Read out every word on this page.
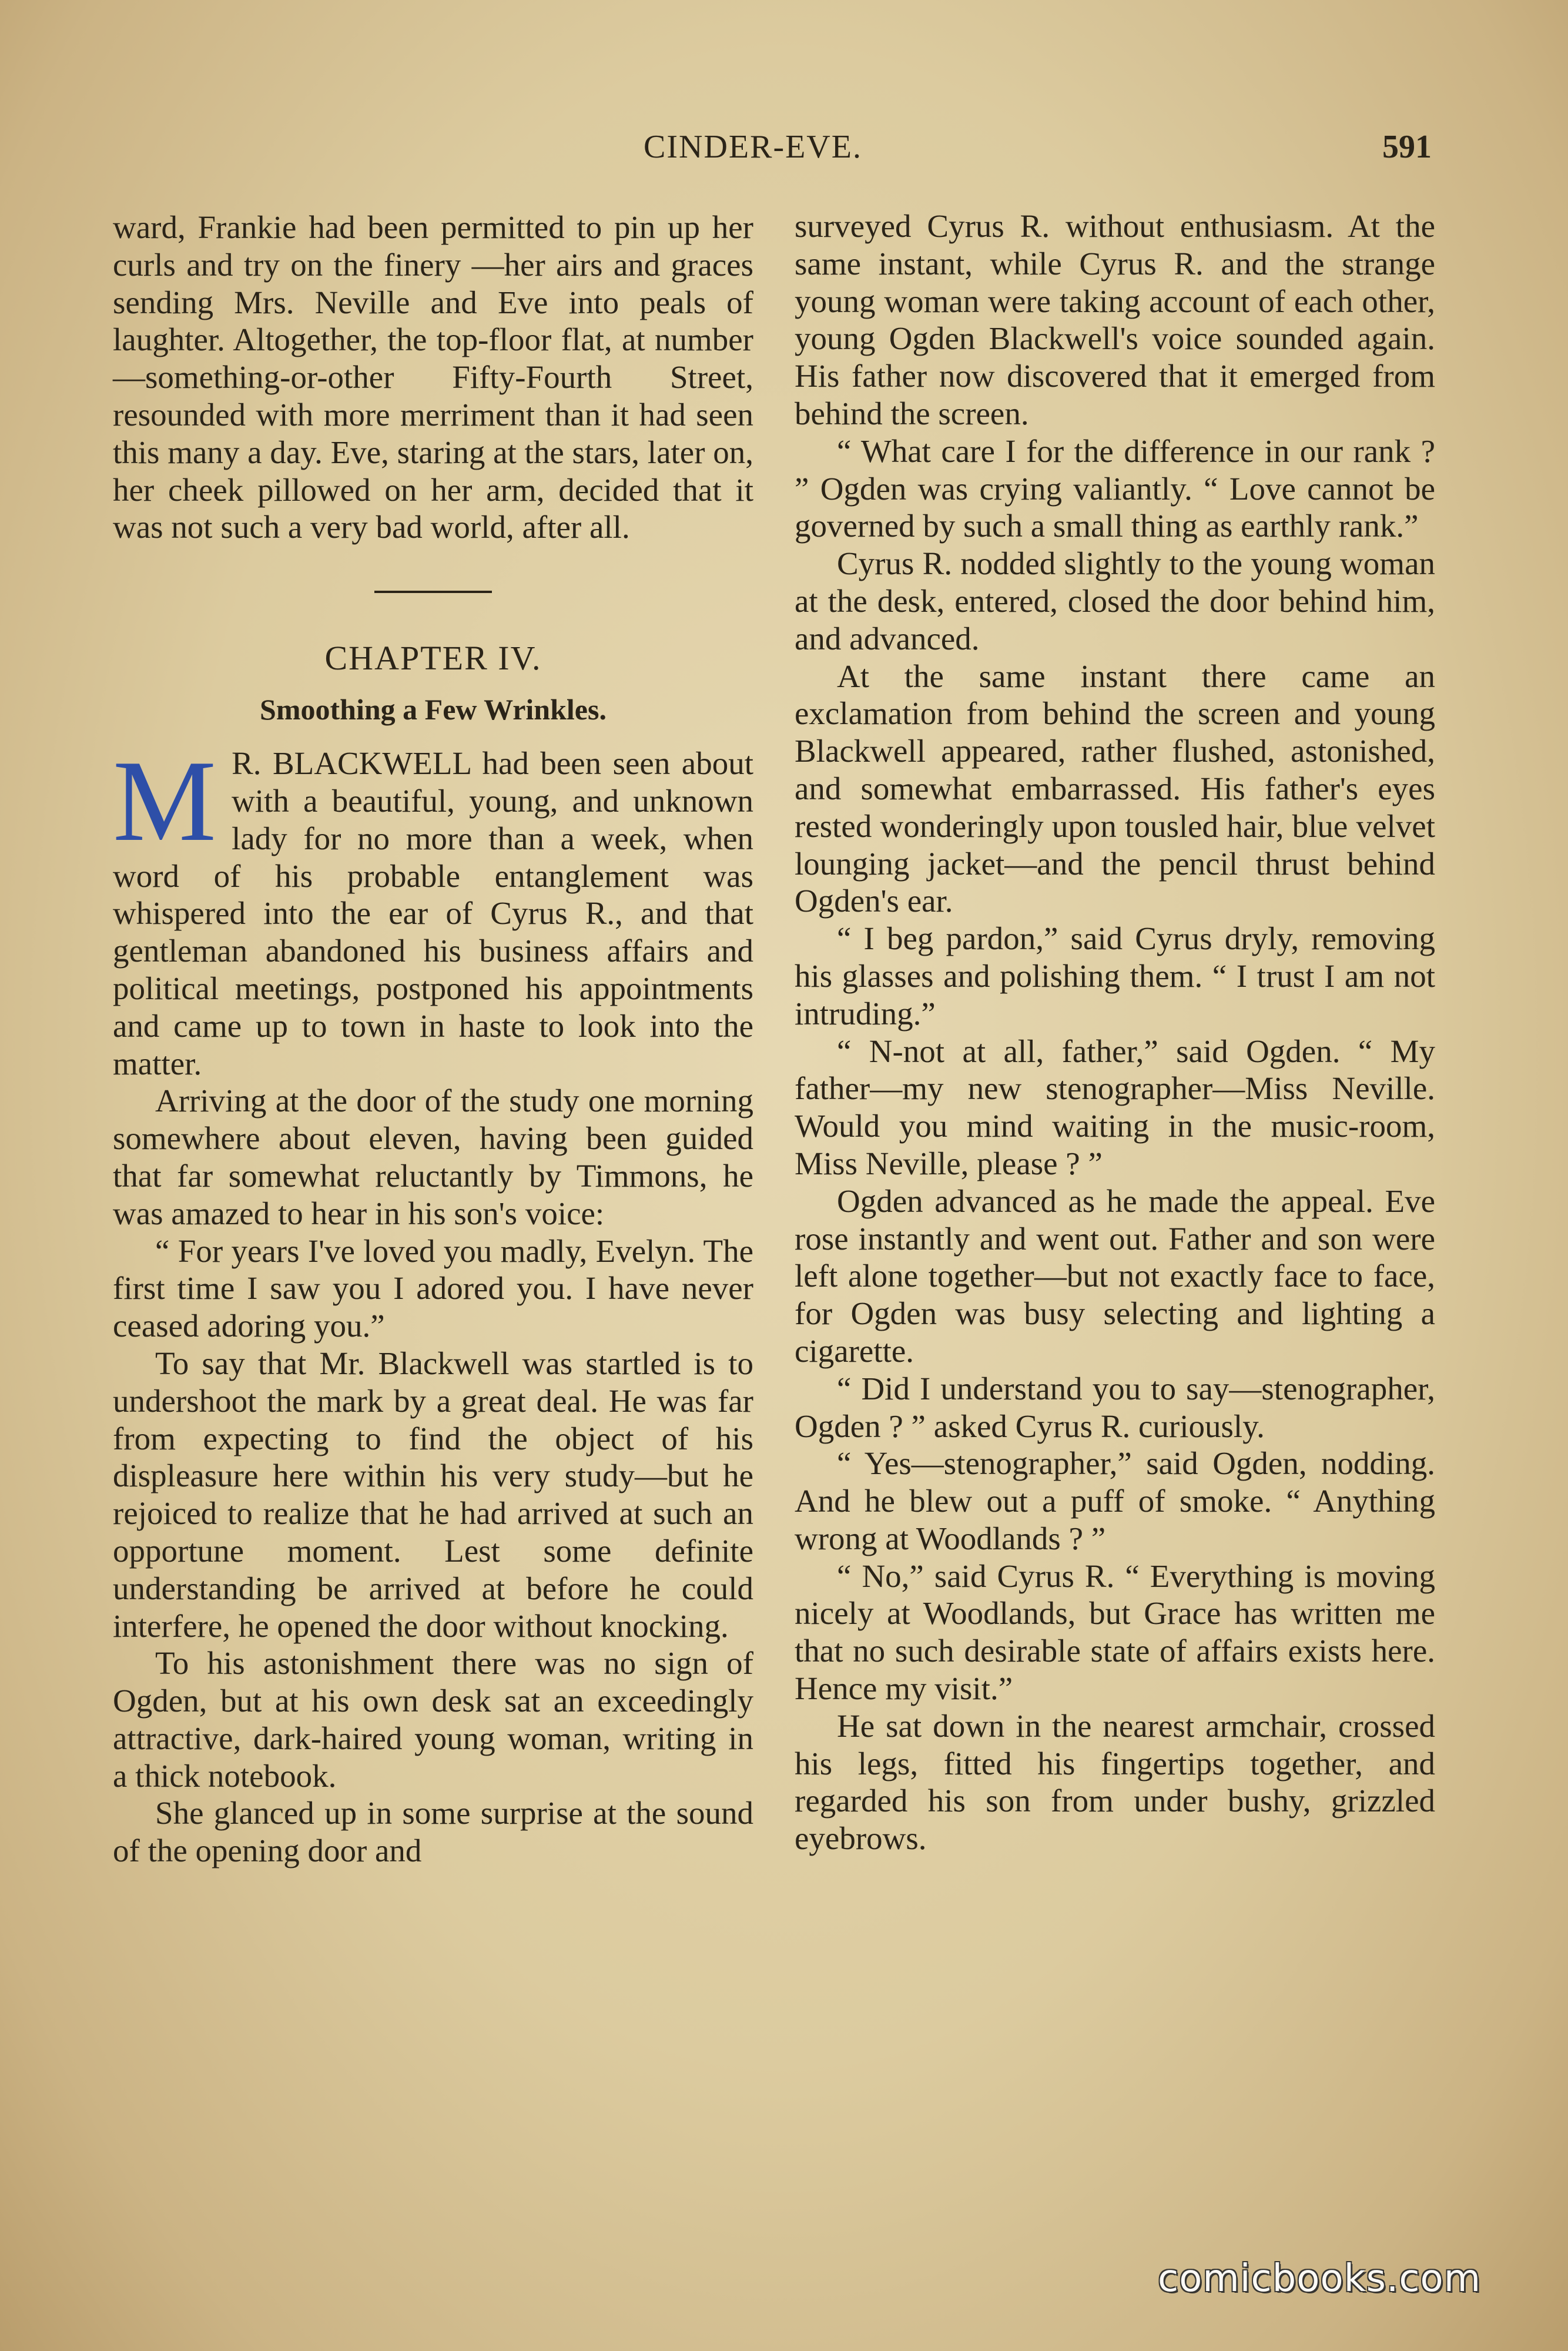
CINDER-EVE.	591

ward, Frankie had been permitted to pin up her curls and try on the finery —her airs and graces sending Mrs. Neville and Eve into peals of laughter. Altogether, the top-floor flat, at number—something-or-other Fifty-Fourth Street, resounded with more merriment than it had seen this many a day. Eve, staring at the stars, later on, her cheek pillowed on her arm, decided that it was not such a very bad world, after all.

CHAPTER IV.
Smoothing a Few Wrinkles.

M R. BLACKWELL had been seen about with a beautiful, young, and unknown lady for no more than a week, when word of his probable entanglement was whispered into the ear of Cyrus R., and that gentleman abandoned his business affairs and political meetings, postponed his appointments and came up to town in haste to look into the matter.

Arriving at the door of the study one morning somewhere about eleven, having been guided that far somewhat reluctantly by Timmons, he was amazed to hear in his son's voice:

“ For years I've loved you madly, Evelyn. The first time I saw you I adored you. I have never ceased adoring you.”

To say that Mr. Blackwell was startled is to undershoot the mark by a great deal. He was far from expecting to find the object of his displeasure here within his very study—but he rejoiced to realize that he had arrived at such an opportune moment. Lest some definite understanding be arrived at before he could interfere, he opened the door without knocking.

To his astonishment there was no sign of Ogden, but at his own desk sat an exceedingly attractive, dark-haired young woman, writing in a thick notebook.

She glanced up in some surprise at the sound of the opening door and

surveyed Cyrus R. without enthusiasm. At the same instant, while Cyrus R. and the strange young woman were taking account of each other, young Ogden Blackwell's voice sounded again. His father now discovered that it emerged from behind the screen.

“ What care I for the difference in our rank ? ” Ogden was crying valiantly. “ Love cannot be governed by such a small thing as earthly rank.”

Cyrus R. nodded slightly to the young woman at the desk, entered, closed the door behind him, and advanced.

At the same instant there came an exclamation from behind the screen and young Blackwell appeared, rather flushed, astonished, and somewhat embarrassed. His father's eyes rested wonderingly upon tousled hair, blue velvet lounging jacket—and the pencil thrust behind Ogden's ear.

“ I beg pardon,” said Cyrus dryly, removing his glasses and polishing them. “ I trust I am not intruding.”

“ N-not at all, father,” said Ogden. “ My father—my new stenographer—Miss Neville. Would you mind waiting in the music-room, Miss Neville, please ? ”

Ogden advanced as he made the appeal. Eve rose instantly and went out. Father and son were left alone together—but not exactly face to face, for Ogden was busy selecting and lighting a cigarette.

“ Did I understand you to say—stenographer, Ogden ? ” asked Cyrus R. curiously.

“ Yes—stenographer,” said Ogden, nodding. And he blew out a puff of smoke. “ Anything wrong at Woodlands ? ”

“ No,” said Cyrus R. “ Everything is moving nicely at Woodlands, but Grace has written me that no such desirable state of affairs exists here. Hence my visit.”

He sat down in the nearest armchair, crossed his legs, fitted his fingertips together, and regarded his son from under bushy, grizzled eyebrows.

comicbooks.com
